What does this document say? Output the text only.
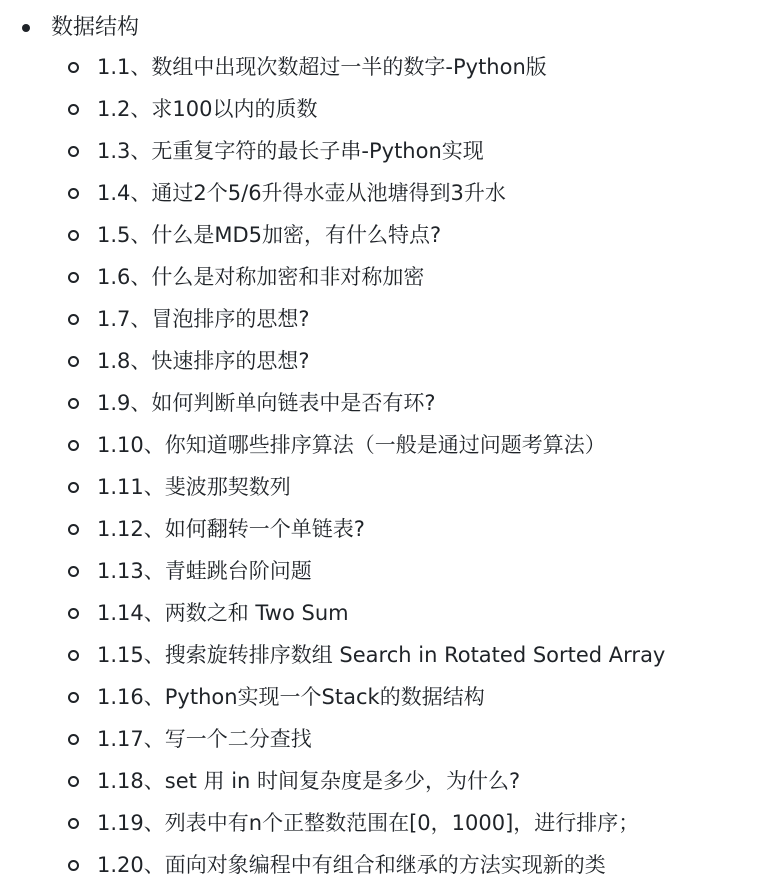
数据结构
1.1、数组中出现次数超过一半的数字-Python版
1.2、求100以内的质数
1.3、无重复字符的最长子串-Python实现
1.4、通过2个5/6升得水壶从池塘得到3升水
1.5、什么是MD5加密，有什么特点?
1.6、什么是对称加密和非对称加密
1.7、冒泡排序的思想?
1.8、快速排序的思想?
1.9、如何判断单向链表中是否有环?
1.10、你知道哪些排序算法（一般是通过问题考算法）
1.11、斐波那契数列
1.12、如何翻转一个单链表?
1.13、青蛙跳台阶问题
1.14、两数之和 Two Sum
1.15、搜索旋转排序数组 Search in Rotated Sorted Array
1.16、Python实现一个Stack的数据结构
1.17、写一个二分查找
1.18、set 用 in 时间复杂度是多少，为什么?
1.19、列表中有n个正整数范围在[0，1000]，进行排序；
1.20、面向对象编程中有组合和继承的方法实现新的类
